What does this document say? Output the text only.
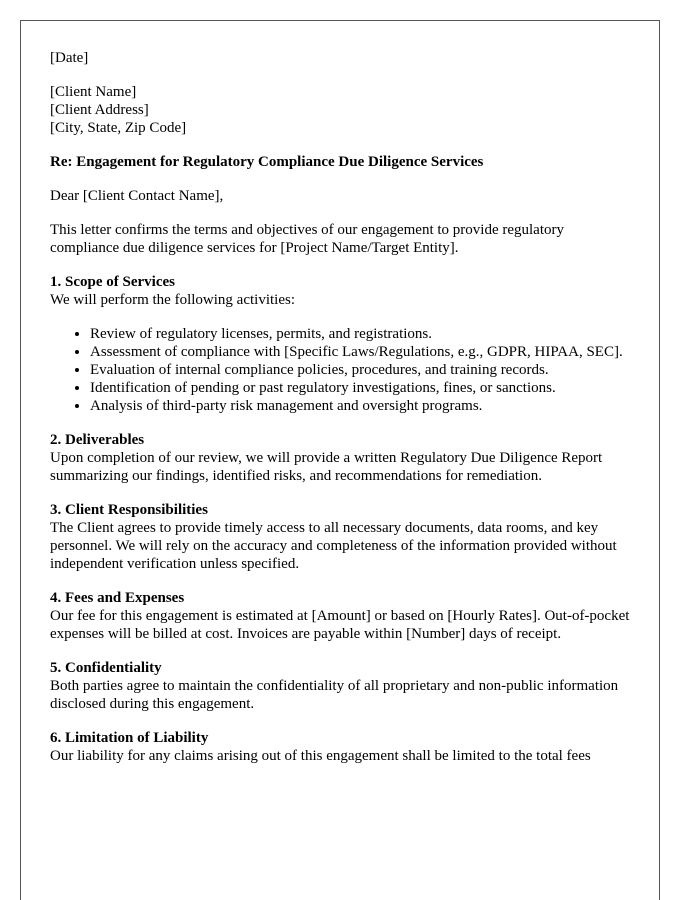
[Date]

[Client Name]

[Client Address]

[City, State, Zip Code]

Re: Engagement for Regulatory Compliance Due Diligence Services

Dear [Client Contact Name],

This letter confirms the terms and objectives of our engagement to provide regulatory compliance due diligence services for [Project Name/Target Entity].

1. Scope of Services

We will perform the following activities:

• Review of regulatory licenses, permits, and registrations.
• Assessment of compliance with [Specific Laws/Regulations, e.g., GDPR, HIPAA, SEC].
• Evaluation of internal compliance policies, procedures, and training records.
• Identification of pending or past regulatory investigations, fines, or sanctions.
• Analysis of third-party risk management and oversight programs.

2. Deliverables

Upon completion of our review, we will provide a written Regulatory Due Diligence Report summarizing our findings, identified risks, and recommendations for remediation.

3. Client Responsibilities

The Client agrees to provide timely access to all necessary documents, data rooms, and key personnel. We will rely on the accuracy and completeness of the information provided without independent verification unless specified.

4. Fees and Expenses

Our fee for this engagement is estimated at [Amount] or based on [Hourly Rates]. Out-of-pocket expenses will be billed at cost. Invoices are payable within [Number] days of receipt.

5. Confidentiality

Both parties agree to maintain the confidentiality of all proprietary and non-public information disclosed during this engagement.

6. Limitation of Liability

Our liability for any claims arising out of this engagement shall be limited to the total fees
